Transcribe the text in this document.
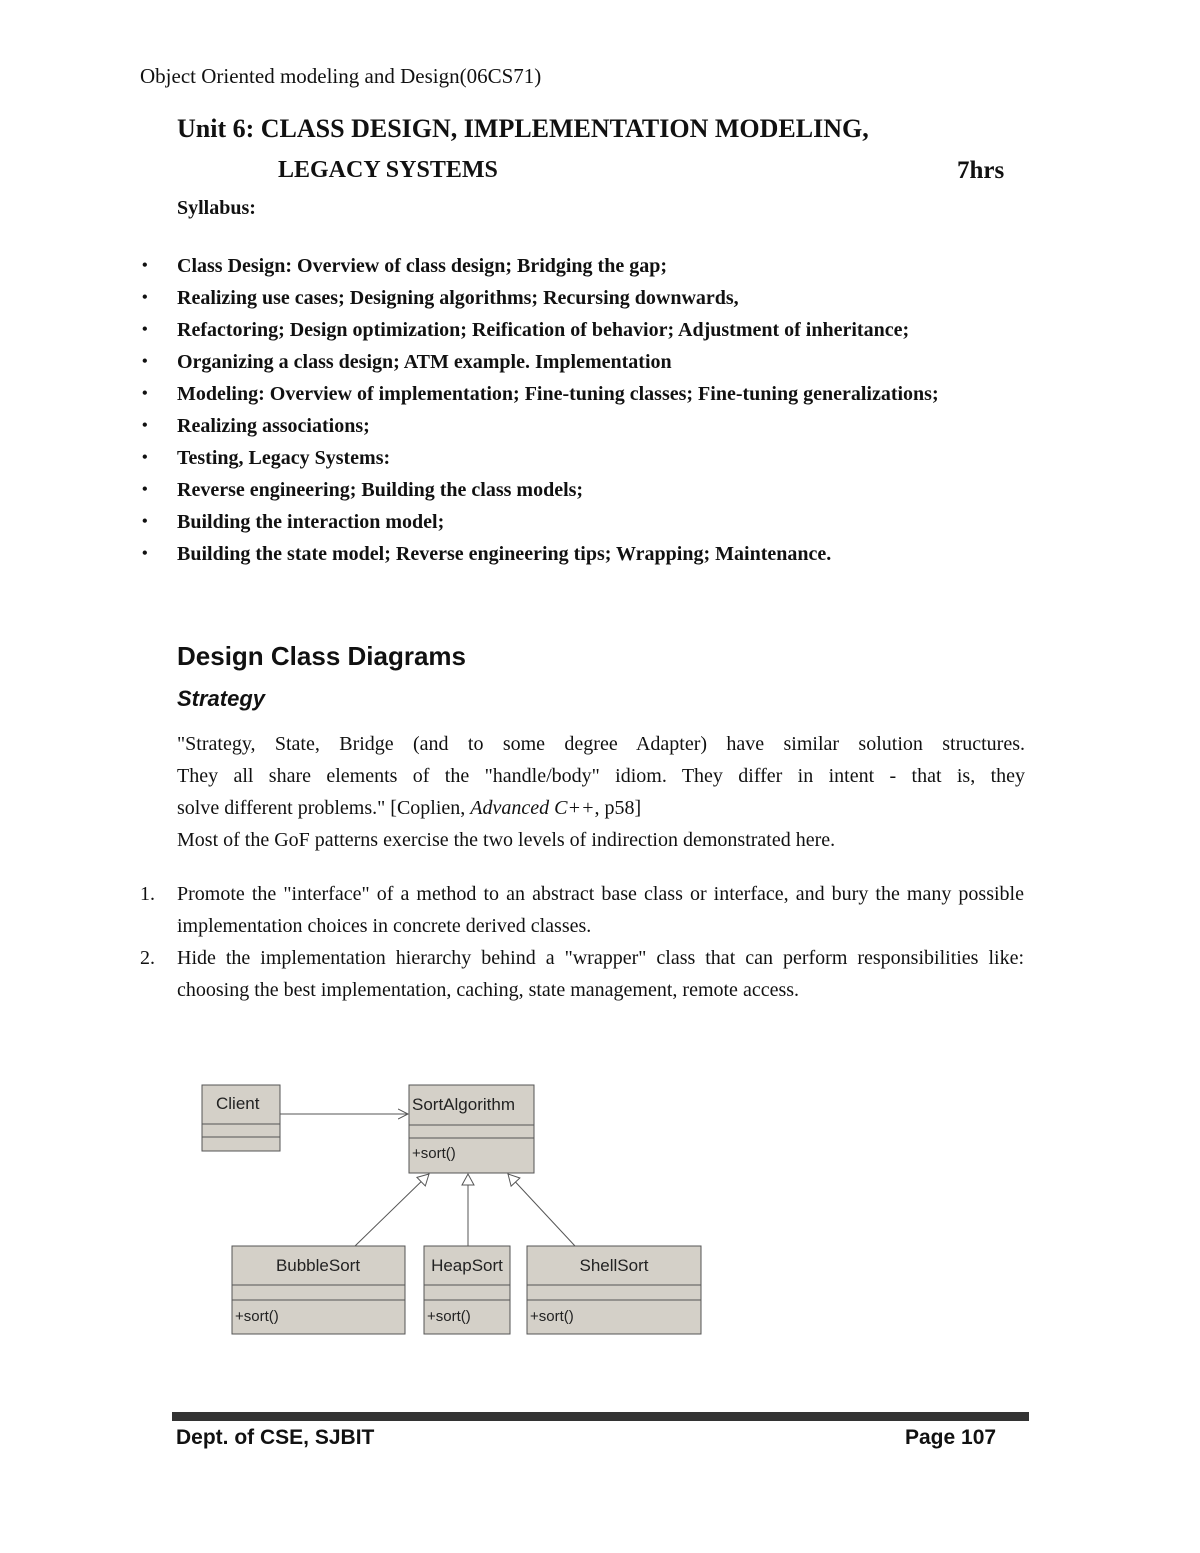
Object Oriented modeling and Design(06CS71)
Unit 6: CLASS DESIGN, IMPLEMENTATION MODELING,
LEGACY SYSTEMS	7hrs
Syllabus:
• Class Design: Overview of class design; Bridging the gap;
• Realizing use cases; Designing algorithms; Recursing downwards,
• Refactoring; Design optimization; Reification of behavior; Adjustment of inheritance;
• Organizing a class design; ATM example. Implementation
• Modeling: Overview of implementation; Fine-tuning classes; Fine-tuning generalizations;
• Realizing associations;
• Testing, Legacy Systems:
• Reverse engineering; Building the class models;
• Building the interaction model;
• Building the state model; Reverse engineering tips; Wrapping; Maintenance.
Design Class Diagrams
Strategy
"Strategy, State, Bridge (and to some degree Adapter) have similar solution structures.
They all share elements of the "handle/body" idiom. They differ in intent - that is, they
solve different problems." [Coplien, Advanced C++, p58]
Most of the GoF patterns exercise the two levels of indirection demonstrated here.
1. Promote the "interface" of a method to an abstract base class or interface, and bury the many possible implementation choices in concrete derived classes.
2. Hide the implementation hierarchy behind a "wrapper" class that can perform responsibilities like: choosing the best implementation, caching, state management, remote access.
Client	SortAlgorithm
+sort()
BubbleSort
+sort()
HeapSort
+sort()
ShellSort
+sort()
Dept. of CSE, SJBIT	Page 107
